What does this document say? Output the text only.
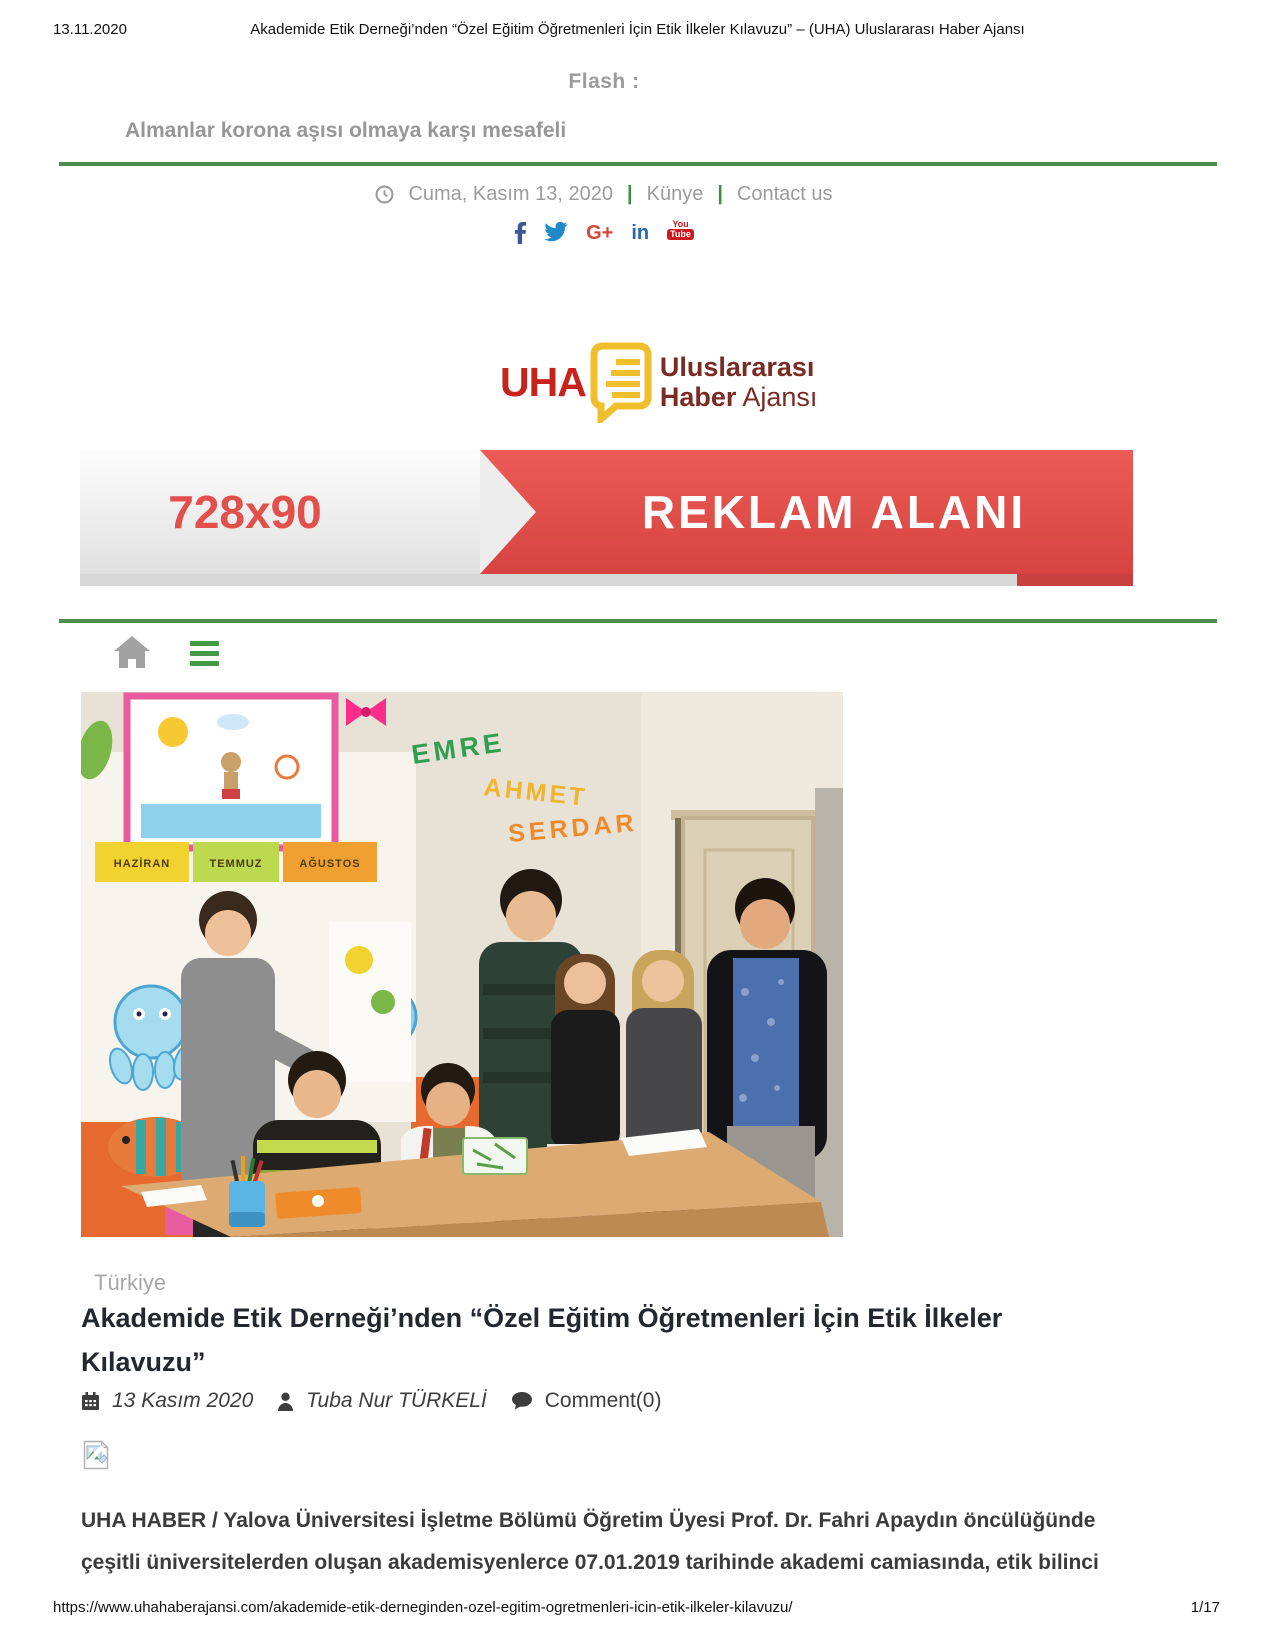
13.11.2020	Akademide Etik Derneği’nden “Özel Eğitim Öğretmenleri İçin Etik İlkeler Kılavuzu” – (UHA) Uluslararası Haber Ajansı
Flash :
Almanlar korona aşısı olmaya karşı mesafeli
Cuma, Kasım 13, 2020 | Künye | Contact us
G+ in	You
Tube
UHA	Uluslararası
Haber Ajansı
728x90	REKLAM ALANI
HAZİRAN	TEMMUZ	AĞUSTOS
EMRE
AHMET
SERDAR
Türkiye
Akademide Etik Derneği’nden “Özel Eğitim Öğretmenleri İçin Etik İlkeler Kılavuzu”
13 Kasım 2020	Tuba Nur TÜRKELİ	Comment(0)

UHA HABER / Yalova Üniversitesi İşletme Bölümü Öğretim Üyesi Prof. Dr. Fahri Apaydın öncülüğünde çeşitli üniversitelerden oluşan akademisyenlerce 07.01.2019 tarihinde akademi camiasında, etik bilinci

https://www.uhahaberajansi.com/akademide-etik-derneginden-ozel-egitim-ogretmenleri-icin-etik-ilkeler-kilavuzu/	1/17
